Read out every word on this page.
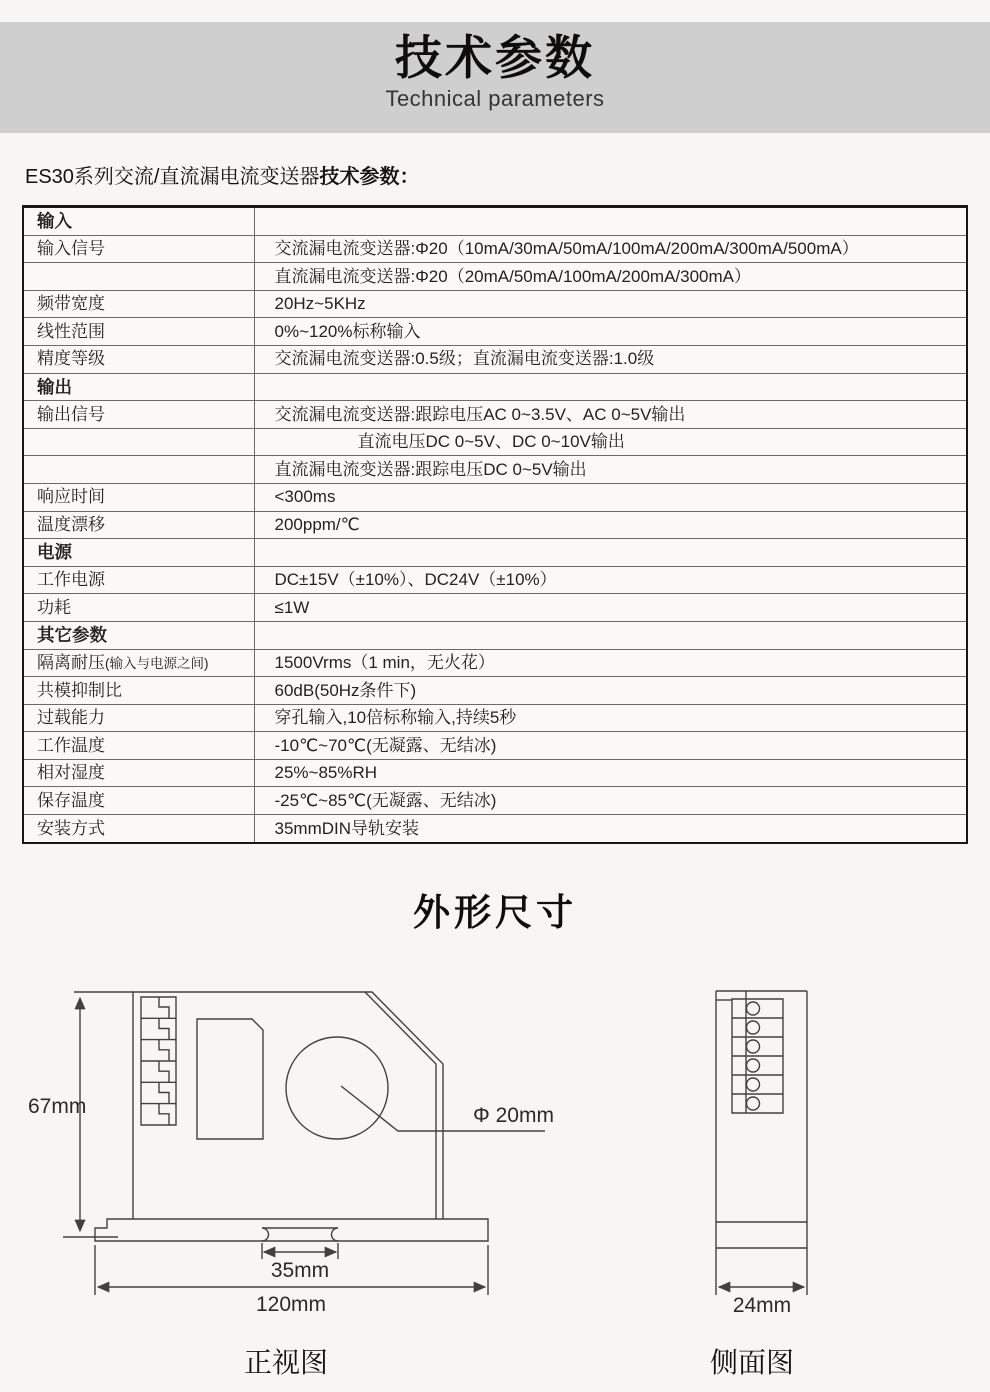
技术参数
Technical parameters
ES30系列交流/直流漏电流变送器技术参数：
输入	
输入信号	交流漏电流变送器:Φ20（10mA/30mA/50mA/100mA/200mA/300mA/500mA）
	直流漏电流变送器:Φ20（20mA/50mA/100mA/200mA/300mA）
频带宽度	20Hz~5KHz
线性范围	0%~120%标称输入
精度等级	交流漏电流变送器:0.5级；直流漏电流变送器:1.0级
输出	
输出信号	交流漏电流变送器:跟踪电压AC 0~3.5V、AC 0~5V输出
	直流电压DC 0~5V、DC 0~10V输出
	直流漏电流变送器:跟踪电压DC 0~5V输出
响应时间	<300ms
温度漂移	200ppm/℃
电源	
工作电源	DC±15V（±10%）、DC24V（±10%）
功耗	≤1W
其它参数	
隔离耐压(输入与电源之间)	1500Vrms（1 min，无火花）
共模抑制比	60dB(50Hz条件下)
过载能力	穿孔输入,10倍标称输入,持续5秒
工作温度	-10℃~70℃(无凝露、无结冰)
相对湿度	25%~85%RH
保存温度	-25℃~85℃(无凝露、无结冰)
安装方式	35mmDIN导轨安装
外形尺寸
67mm	Φ 20mm
35mm
120mm	24mm
正视图	侧面图
